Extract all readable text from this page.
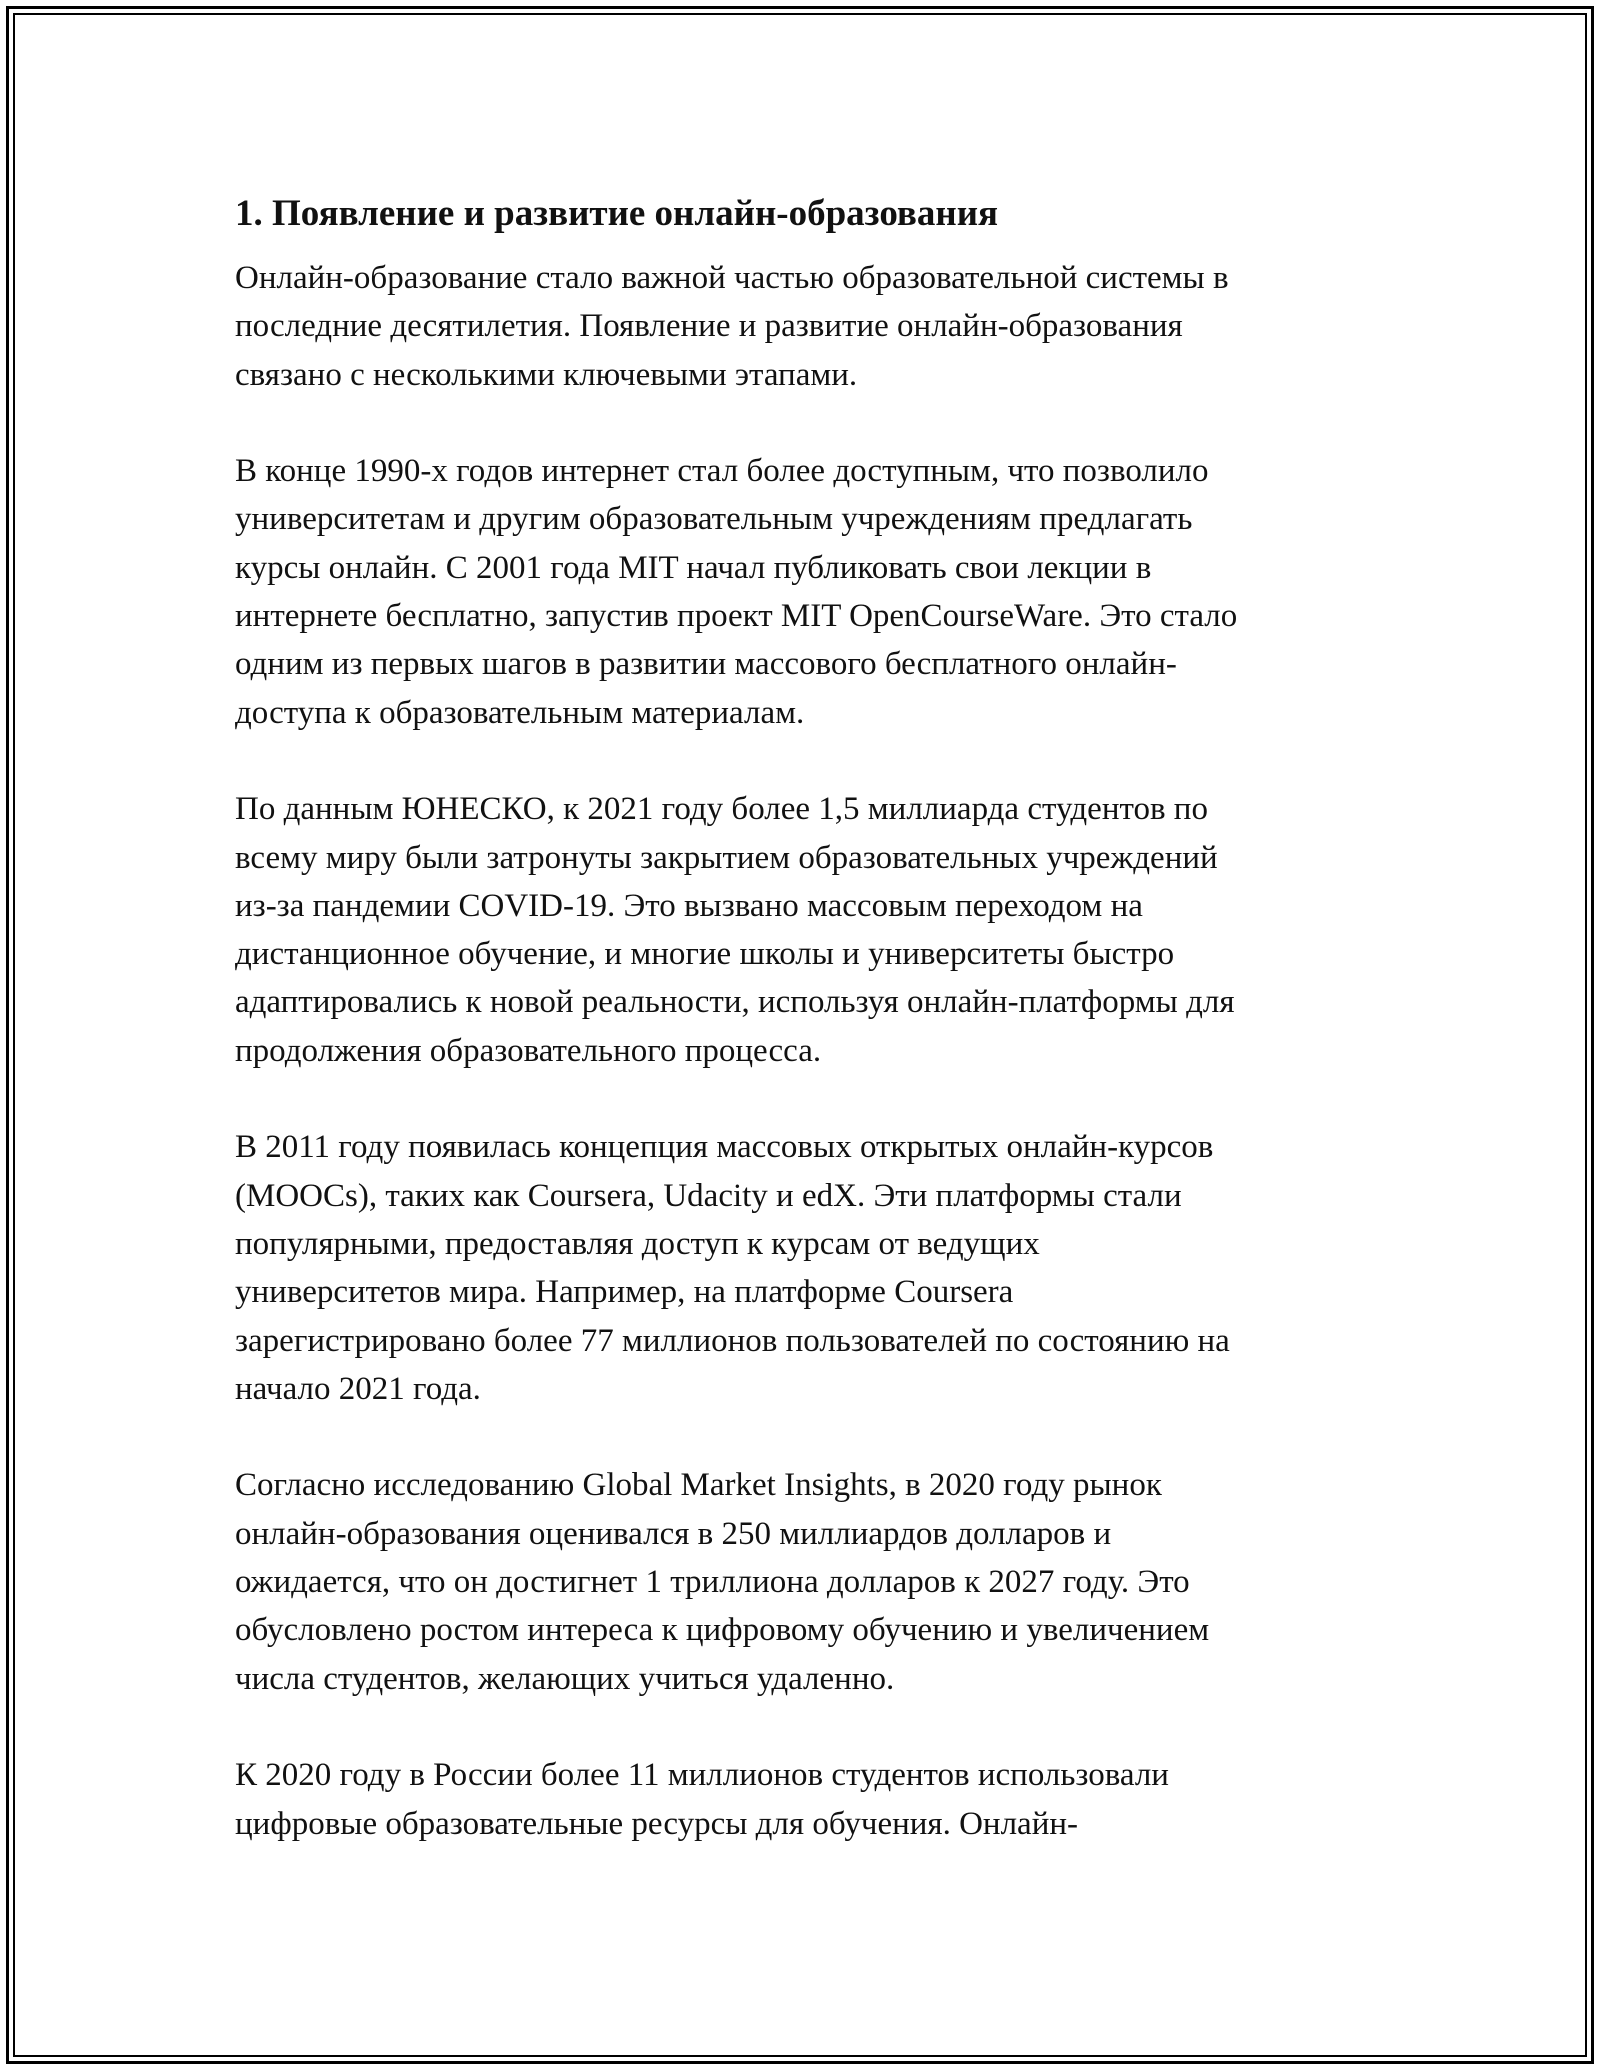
1. Появление и развитие онлайн-образования

Онлайн-образование стало важной частью образовательной системы в
последние десятилетия. Появление и развитие онлайн-образования
связано с несколькими ключевыми этапами.

В конце 1990-х годов интернет стал более доступным, что позволило
университетам и другим образовательным учреждениям предлагать
курсы онлайн. С 2001 года MIT начал публиковать свои лекции в
интернете бесплатно, запустив проект MIT OpenCourseWare. Это стало
одним из первых шагов в развитии массового бесплатного онлайн-
доступа к образовательным материалам.

По данным ЮНЕСКО, к 2021 году более 1,5 миллиарда студентов по
всему миру были затронуты закрытием образовательных учреждений
из-за пандемии COVID-19. Это вызвано массовым переходом на
дистанционное обучение, и многие школы и университеты быстро
адаптировались к новой реальности, используя онлайн-платформы для
продолжения образовательного процесса.

В 2011 году появилась концепция массовых открытых онлайн-курсов
(MOOCs), таких как Coursera, Udacity и edX. Эти платформы стали
популярными, предоставляя доступ к курсам от ведущих
университетов мира. Например, на платформе Coursera
зарегистрировано более 77 миллионов пользователей по состоянию на
начало 2021 года.

Согласно исследованию Global Market Insights, в 2020 году рынок
онлайн-образования оценивался в 250 миллиардов долларов и
ожидается, что он достигнет 1 триллиона долларов к 2027 году. Это
обусловлено ростом интереса к цифровому обучению и увеличением
числа студентов, желающих учиться удаленно.

К 2020 году в России более 11 миллионов студентов использовали
цифровые образовательные ресурсы для обучения. Онлайн-
